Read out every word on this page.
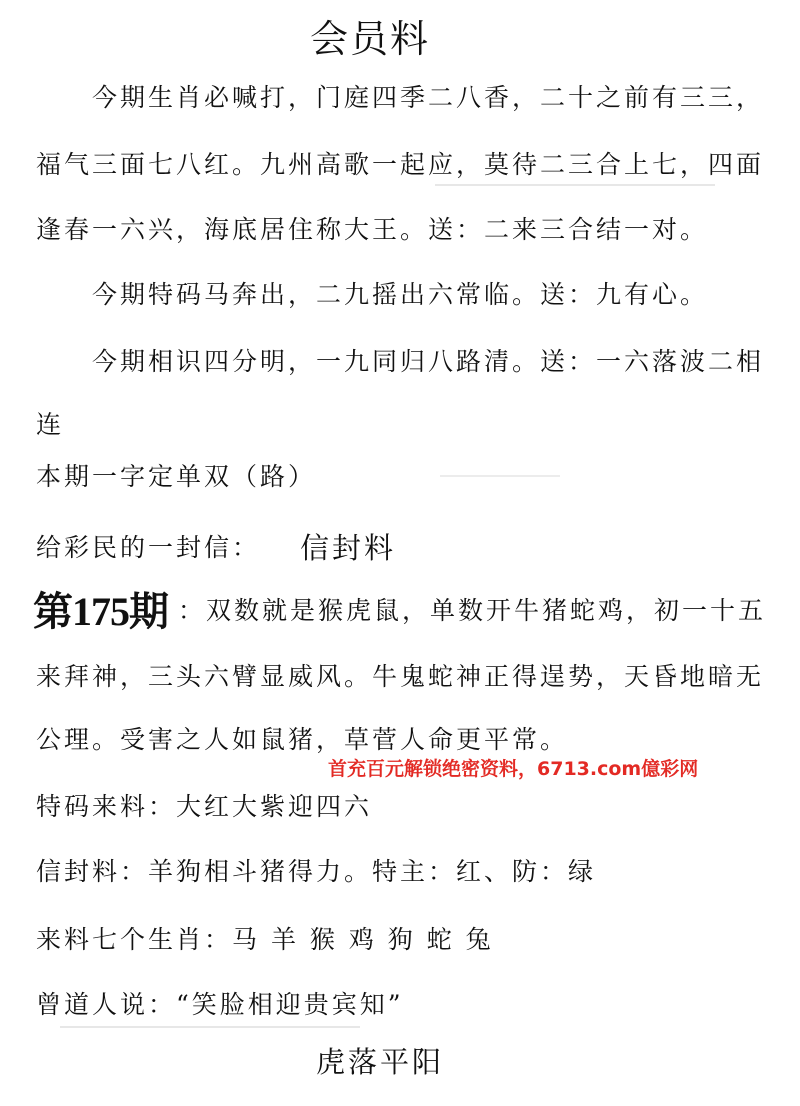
会员料
今期生肖必喊打，门庭四季二八香，二十之前有三三，
福气三面七八红。九州高歌一起应，莫待二三合上七，四面
逢春一六兴，海底居住称大王。送：二来三合结一对。
今期特码马奔出，二九摇出六常临。送：九有心。
今期相识四分明，一九同归八路清。送：一六落波二相
连
本期一字定单双（路）
给彩民的一封信： 信封料
第175期 ：双数就是猴虎鼠，单数开牛猪蛇鸡，初一十五
来拜神，三头六臂显威风。牛鬼蛇神正得逞势，天昏地暗无
公理。受害之人如鼠猪，草菅人命更平常。
首充百元解锁绝密资料，6713.com億彩网
特码来料：大红大紫迎四六
信封料：羊狗相斗猪得力。特主：红、防：绿
来料七个生肖：马 羊 猴 鸡 狗 蛇 兔
曾道人说：“笑脸相迎贵宾知”
虎落平阳
